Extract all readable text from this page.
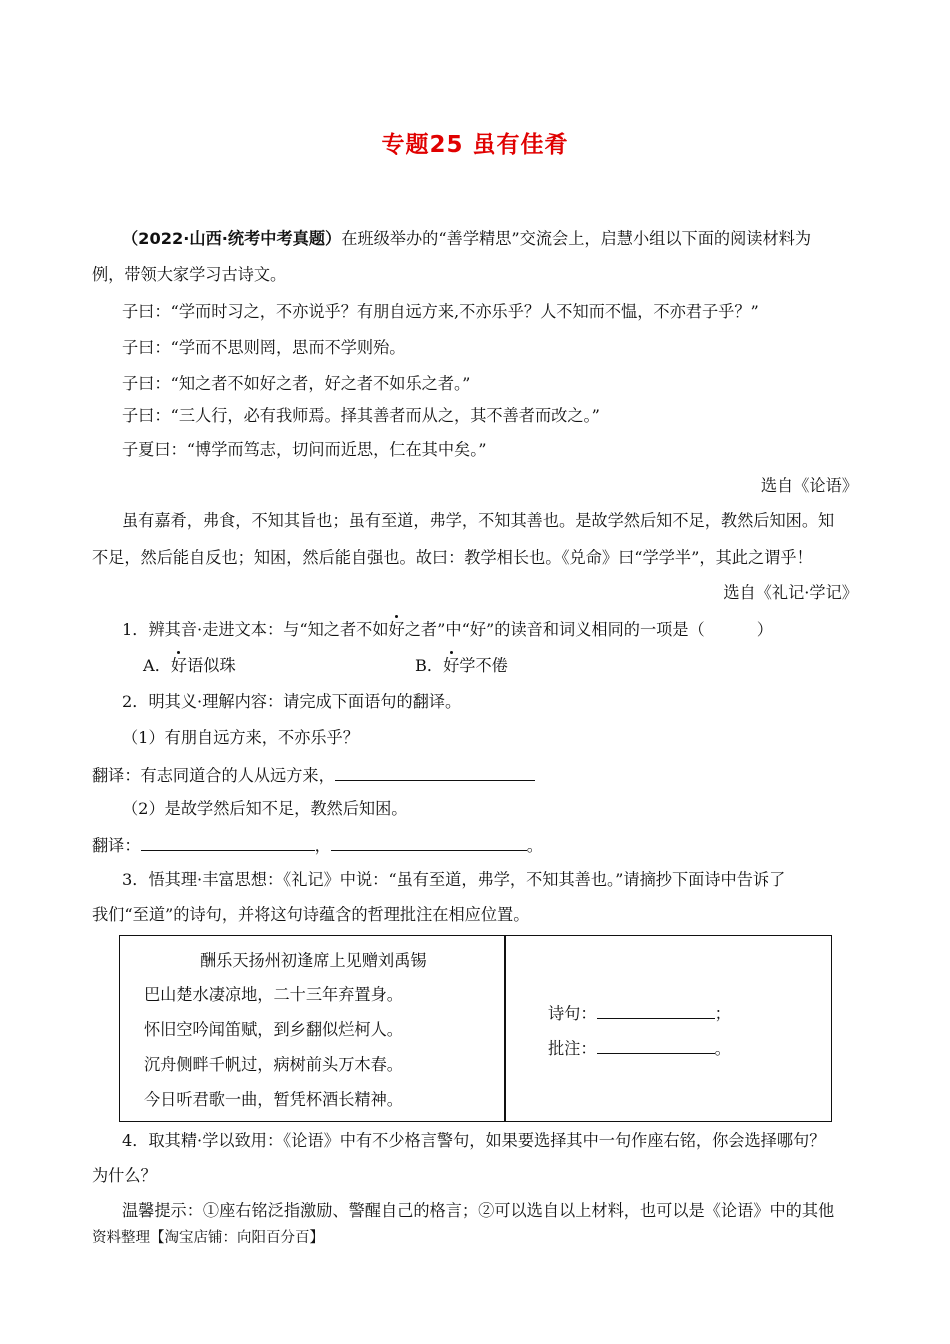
专题25 虽有佳肴
（2022·山西·统考中考真题）在班级举办的“善学精思”交流会上，启慧小组以下面的阅读材料为
例，带领大家学习古诗文。
子曰：“学而时习之，不亦说乎？有朋自远方来,不亦乐乎？人不知而不愠，不亦君子乎？”
子曰：“学而不思则罔，思而不学则殆。
子曰：“知之者不如好之者，好之者不如乐之者。”
子曰：“三人行，必有我师焉。择其善者而从之，其不善者而改之。”
子夏曰：“博学而笃志，切问而近思，仁在其中矣。”
选自《论语》
虽有嘉肴，弗食，不知其旨也；虽有至道，弗学，不知其善也。是故学然后知不足，教然后知困。知
不足，然后能自反也；知困，然后能自强也。故曰：教学相长也。《兑命》曰“学学半”，其此之谓乎！
选自《礼记·学记》
1．辨其音·走进文本：与“知之者不如好之者”中“好”的读音和词义相同的一项是（	）
A．好语似珠	B．好学不倦
2．明其义·理解内容：请完成下面语句的翻译。
（1）有朋自远方来，不亦乐乎？
翻译：有志同道合的人从远方来，
（2）是故学然后知不足，教然后知困。
翻译：	，	。
3．悟其理·丰富思想：《礼记》中说：“虽有至道，弗学，不知其善也。”请摘抄下面诗中告诉了
我们“至道”的诗句，并将这句诗蕴含的哲理批注在相应位置。
酬乐天扬州初逢席上见赠刘禹锡
巴山楚水凄凉地，二十三年弃置身。
怀旧空吟闻笛赋，到乡翻似烂柯人。
沉舟侧畔千帆过，病树前头万木春。
今日听君歌一曲，暂凭杯酒长精神。
诗句：	；
批注：	。
4．取其精·学以致用：《论语》中有不少格言警句，如果要选择其中一句作座右铭，你会选择哪句？
为什么？
温馨提示：①座右铭泛指激励、警醒自己的格言；②可以选自以上材料，也可以是《论语》中的其他
资料整理【淘宝店铺：向阳百分百】
